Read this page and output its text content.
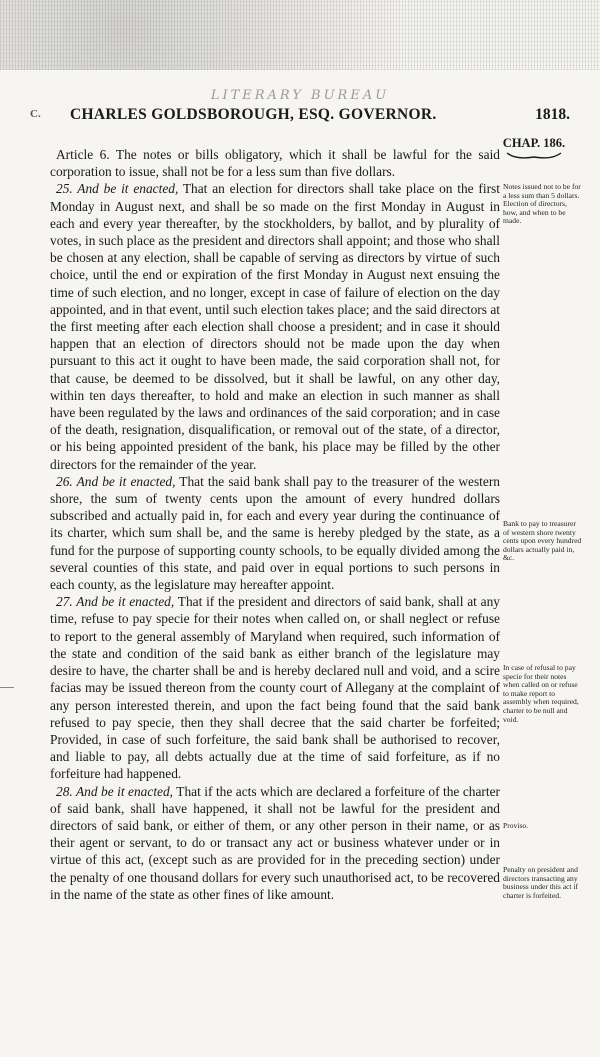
LITERARY BUREAU
C. CHARLES GOLDSBOROUGH, ESQ. GOVERNOR.	1818.
CHAP. 186.

Article 6. The notes or bills obligatory, which it shall be lawful for the said corporation to issue, shall not be for a less sum than five dollars.

25. And be it enacted, That an election for directors shall take place on the first Monday in August next, and shall be so made on the first Monday in August in each and every year thereafter, by the stockholders, by ballot, and by plurality of votes, in such place as the president and directors shall appoint; and those who shall be chosen at any election, shall be capable of serving as directors by virtue of such choice, until the end or expiration of the first Monday in August next ensuing the time of such election, and no longer, except in case of failure of election on the day appointed, and in that event, until such election takes place; and the said directors at the first meeting after each election shall choose a president; and in case it should happen that an election of directors should not be made upon the day when pursuant to this act it ought to have been made, the said corporation shall not, for that cause, be deemed to be dissolved, but it shall be lawful, on any other day, within ten days thereafter, to hold and make an election in such manner as shall have been regulated by the laws and ordinances of the said corporation; and in case of the death, resignation, disqualification, or removal out of the state, of a director, or his being appointed president of the bank, his place may be filled by the other directors for the remainder of the year.

26. And be it enacted, That the said bank shall pay to the treasurer of the western shore, the sum of twenty cents upon the amount of every hundred dollars subscribed and actually paid in, for each and every year during the continuance of its charter, which sum shall be, and the same is hereby pledged by the state, as a fund for the purpose of supporting county schools, to be equally divided among the several counties of this state, and paid over in equal portions to such persons in each county, as the legislature may hereafter appoint.

27. And be it enacted, That if the president and directors of said bank, shall at any time, refuse to pay specie for their notes when called on, or shall neglect or refuse to report to the general assembly of Maryland when required, such information of the state and condition of the said bank as either branch of the legislature may desire to have, the charter shall be and is hereby declared null and void, and a scire facias may be issued thereon from the county court of Allegany at the complaint of any person interested therein, and upon the fact being found that the said bank refused to pay specie, then they shall decree that the said charter be forfeited; Provided, in case of such forfeiture, the said bank shall be authorised to recover, and liable to pay, all debts actually due at the time of said forfeiture, as if no forfeiture had happened.

28. And be it enacted, That if the acts which are declared a forfeiture of the charter of said bank, shall have happened, it shall not be lawful for the president and directors of said bank, or either of them, or any other person in their name, or as their agent or servant, to do or transact any act or business whatever under or in virtue of this act, (except such as are provided for in the preceding section) under the penalty of one thousand dollars for every such unauthorised act, to be recovered in the name of the state as other fines of like amount.

Notes issued not to be for a less sum than 5 dollars. Election of directors, how, and when to be made.
Bank to pay to treasurer of western shore twenty cents upon every hundred dollars actually paid in, &c.
In case of refusal to pay specie for their notes when called on or refuse to make report to assembly when required, charter to be null and void.
Proviso.
Penalty on president and directors transacting any business under this act if charter is forfeited.
